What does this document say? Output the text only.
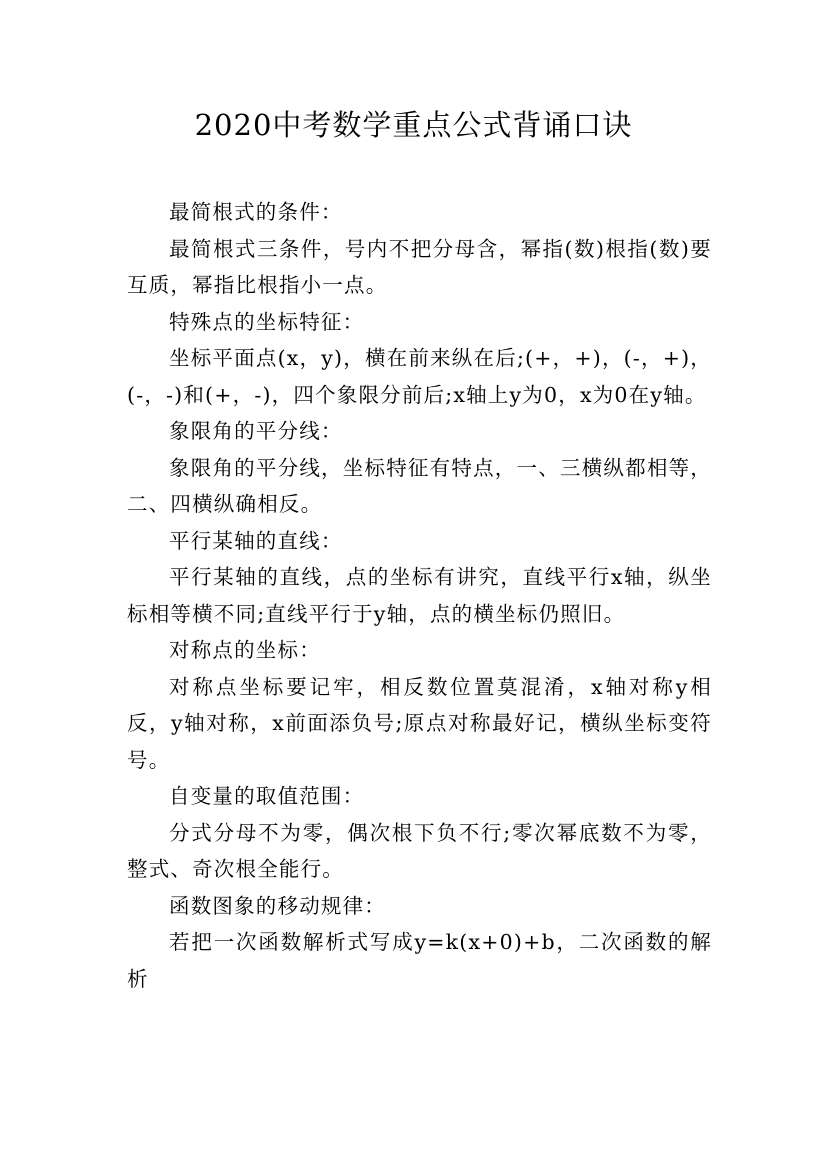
2020中考数学重点公式背诵口诀

最简根式的条件：

最简根式三条件，号内不把分母含，幂指(数)根指(数)要互质，幂指比根指小一点。

特殊点的坐标特征：

坐标平面点(x，y)，横在前来纵在后;(+，+)，(-，+)，(-，-)和(+，-)，四个象限分前后;x轴上y为0，x为0在y轴。

象限角的平分线：

象限角的平分线，坐标特征有特点，一、三横纵都相等，二、四横纵确相反。

平行某轴的直线：

平行某轴的直线，点的坐标有讲究，直线平行x轴，纵坐标相等横不同;直线平行于y轴，点的横坐标仍照旧。

对称点的坐标：

对称点坐标要记牢，相反数位置莫混淆，x轴对称y相反，y轴对称，x前面添负号;原点对称最好记，横纵坐标变符号。

自变量的取值范围：

分式分母不为零，偶次根下负不行;零次幂底数不为零，整式、奇次根全能行。

函数图象的移动规律：

若把一次函数解析式写成y=k(x+0)+b，二次函数的解析
